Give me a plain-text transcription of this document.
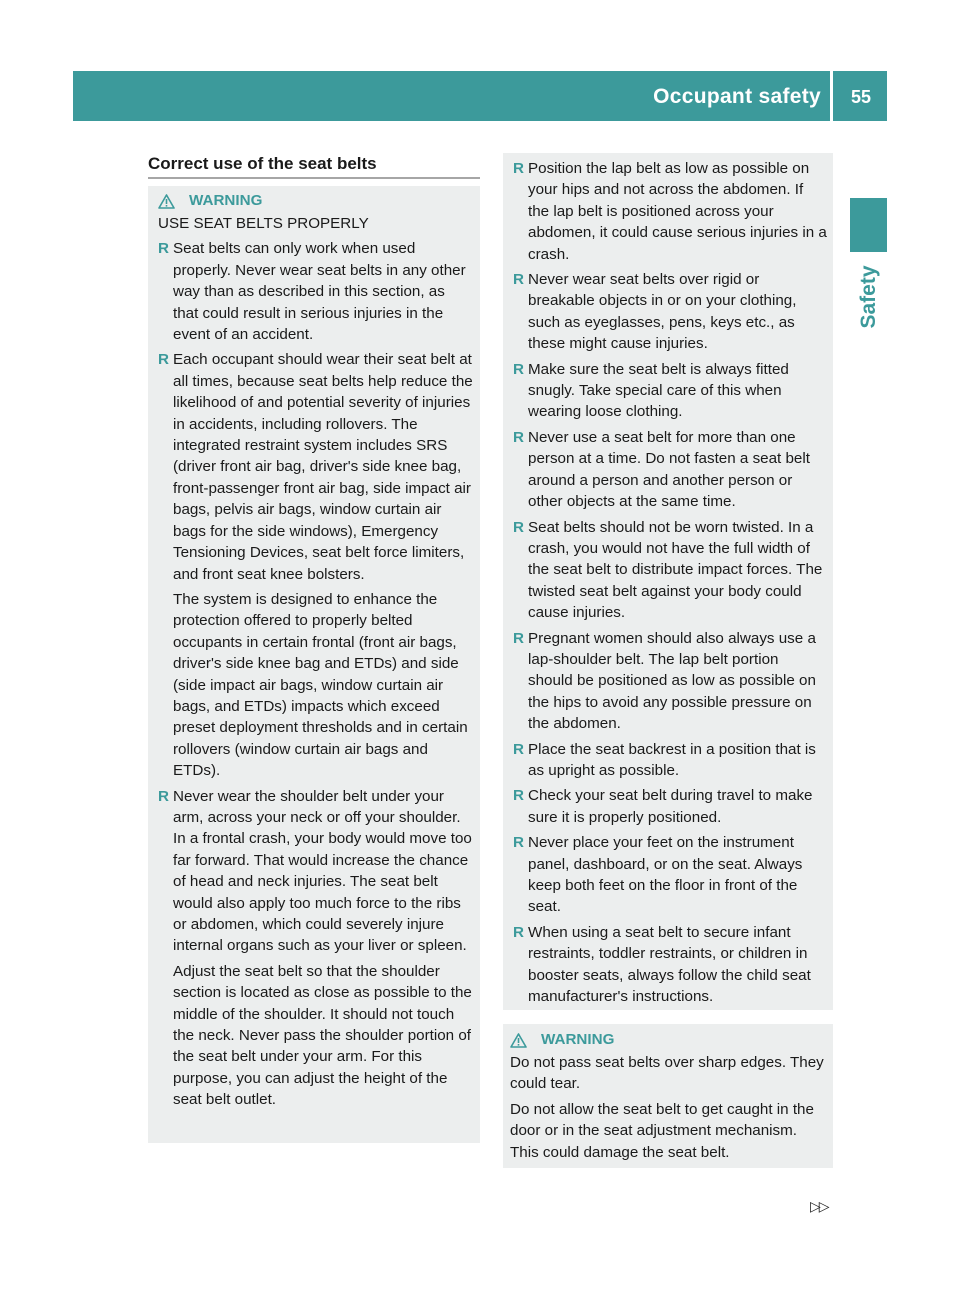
Occupant safety 55
Safety
Correct use of the seat belts
WARNING

USE SEAT BELTS PROPERLY

R Seat belts can only work when used properly. Never wear seat belts in any other way than as described in this section, as that could result in serious injuries in the event of an accident.
R Each occupant should wear their seat belt at all times, because seat belts help reduce the likelihood of and potential severity of injuries in accidents, including rollovers. The integrated restraint system includes SRS (driver front air bag, driver's side knee bag, front-passenger front air bag, side impact air bags, pelvis air bags, window curtain air bags for the side windows), Emergency Tensioning Devices, seat belt force limiters, and front seat knee bolsters.
The system is designed to enhance the protection offered to properly belted occupants in certain frontal (front air bags, driver's side knee bag and ETDs) and side (side impact air bags, window curtain air bags, and ETDs) impacts which exceed preset deployment thresholds and in certain rollovers (window curtain air bags and ETDs).
R Never wear the shoulder belt under your arm, across your neck or off your shoulder. In a frontal crash, your body would move too far forward. That would increase the chance of head and neck injuries. The seat belt would also apply too much force to the ribs or abdomen, which could severely injure internal organs such as your liver or spleen.
Adjust the seat belt so that the shoulder section is located as close as possible to the middle of the shoulder. It should not touch the neck. Never pass the shoulder portion of the seat belt under your arm. For this purpose, you can adjust the height of the seat belt outlet.
R Position the lap belt as low as possible on your hips and not across the abdomen. If the lap belt is positioned across your abdomen, it could cause serious injuries in a crash.
R Never wear seat belts over rigid or breakable objects in or on your clothing, such as eyeglasses, pens, keys etc., as these might cause injuries.
R Make sure the seat belt is always fitted snugly. Take special care of this when wearing loose clothing.
R Never use a seat belt for more than one person at a time. Do not fasten a seat belt around a person and another person or other objects at the same time.
R Seat belts should not be worn twisted. In a crash, you would not have the full width of the seat belt to distribute impact forces. The twisted seat belt against your body could cause injuries.
R Pregnant women should also always use a lap-shoulder belt. The lap belt portion should be positioned as low as possible on the hips to avoid any possible pressure on the abdomen.
R Place the seat backrest in a position that is as upright as possible.
R Check your seat belt during travel to make sure it is properly positioned.
R Never place your feet on the instrument panel, dashboard, or on the seat. Always keep both feet on the floor in front of the seat.
R When using a seat belt to secure infant restraints, toddler restraints, or children in booster seats, always follow the child seat manufacturer's instructions.
WARNING

Do not pass seat belts over sharp edges. They could tear.

Do not allow the seat belt to get caught in the door or in the seat adjustment mechanism. This could damage the seat belt.

▷▷
